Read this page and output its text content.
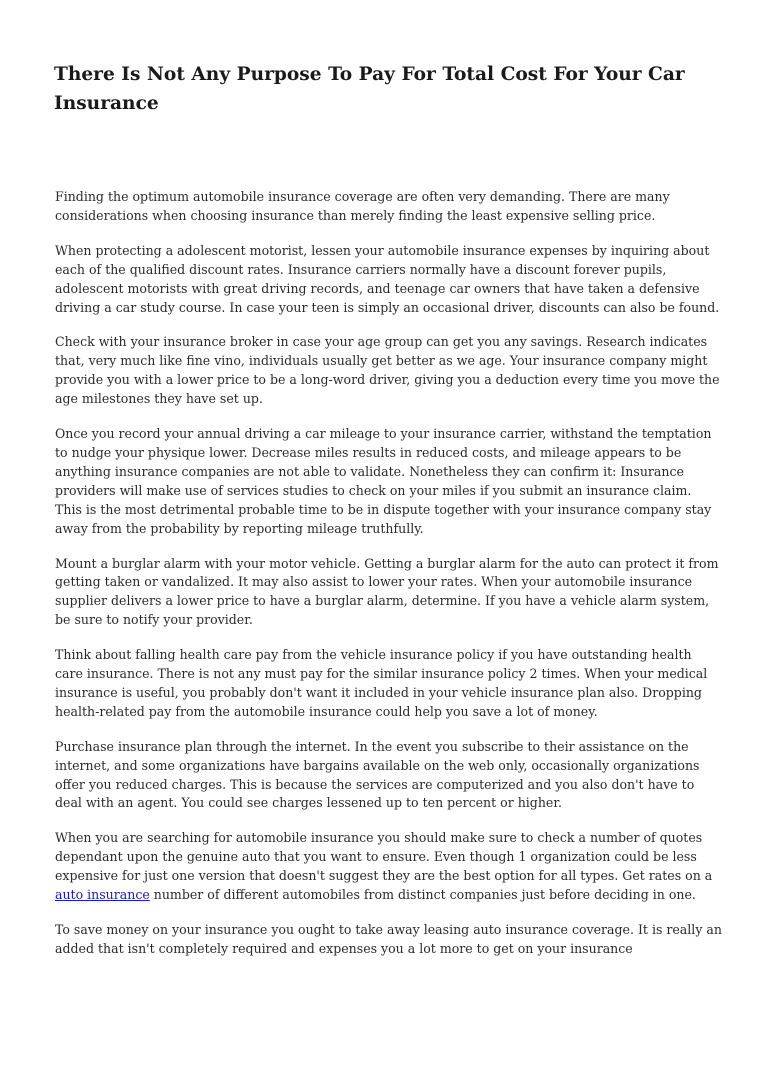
There Is Not Any Purpose To Pay For Total Cost For Your Car Insurance

Finding the optimum automobile insurance coverage are often very demanding. There are many considerations when choosing insurance than merely finding the least expensive selling price.

When protecting a adolescent motorist, lessen your automobile insurance expenses by inquiring about each of the qualified discount rates. Insurance carriers normally have a discount forever pupils, adolescent motorists with great driving records, and teenage car owners that have taken a defensive driving a car study course. In case your teen is simply an occasional driver, discounts can also be found.

Check with your insurance broker in case your age group can get you any savings. Research indicates that, very much like fine vino, individuals usually get better as we age. Your insurance company might provide you with a lower price to be a long-word driver, giving you a deduction every time you move the age milestones they have set up.

Once you record your annual driving a car mileage to your insurance carrier, withstand the temptation to nudge your physique lower. Decrease miles results in reduced costs, and mileage appears to be anything insurance companies are not able to validate. Nonetheless they can confirm it: Insurance providers will make use of services studies to check on your miles if you submit an insurance claim. This is the most detrimental probable time to be in dispute together with your insurance company stay away from the probability by reporting mileage truthfully.

Mount a burglar alarm with your motor vehicle. Getting a burglar alarm for the auto can protect it from getting taken or vandalized. It may also assist to lower your rates. When your automobile insurance supplier delivers a lower price to have a burglar alarm, determine. If you have a vehicle alarm system, be sure to notify your provider.

Think about falling health care pay from the vehicle insurance policy if you have outstanding health care insurance. There is not any must pay for the similar insurance policy 2 times. When your medical insurance is useful, you probably don't want it included in your vehicle insurance plan also. Dropping health-related pay from the automobile insurance could help you save a lot of money.

Purchase insurance plan through the internet. In the event you subscribe to their assistance on the internet, and some organizations have bargains available on the web only, occasionally organizations offer you reduced charges. This is because the services are computerized and you also don't have to deal with an agent. You could see charges lessened up to ten percent or higher.

When you are searching for automobile insurance you should make sure to check a number of quotes dependant upon the genuine auto that you want to ensure. Even though 1 organization could be less expensive for just one version that doesn't suggest they are the best option for all types. Get rates on a auto insurance number of different automobiles from distinct companies just before deciding in one.

To save money on your insurance you ought to take away leasing auto insurance coverage. It is really an added that isn't completely required and expenses you a lot more to get on your insurance
